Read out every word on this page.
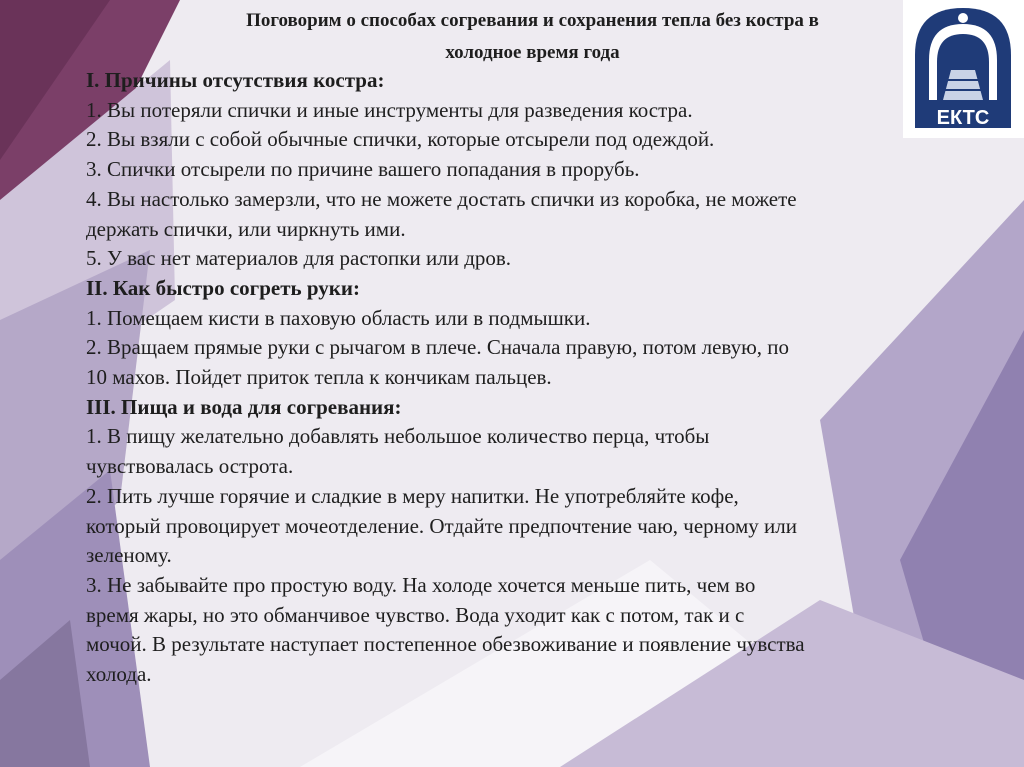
ЕКТС
Поговорим о способах согревания и сохранения тепла без костра в
холодное время года
I. Причины отсутствия костра:
1. Вы потеряли спички и иные инструменты для разведения костра.
2. Вы взяли с собой обычные спички, которые отсырели под одеждой.
3. Спички отсырели по причине вашего попадания в прорубь.
4. Вы настолько замерзли, что не можете достать спички из коробка, не можете
держать спички, или чиркнуть ими.
5. У вас нет материалов для растопки или дров.
II. Как быстро согреть руки:
1. Помещаем кисти в паховую область или в подмышки.
2. Вращаем прямые руки с рычагом в плече. Сначала правую, потом левую, по
10 махов. Пойдет приток тепла к кончикам пальцев.
III. Пища и вода для согревания:
1. В пищу желательно добавлять небольшое количество перца, чтобы
чувствовалась острота.
2. Пить лучше горячие и сладкие в меру напитки. Не употребляйте кофе,
который провоцирует мочеотделение. Отдайте предпочтение чаю, черному или
зеленому.
3. Не забывайте про простую воду. На холоде хочется меньше пить, чем во
время жары, но это обманчивое чувство. Вода уходит как с потом, так и с
мочой. В результате наступает постепенное обезвоживание и появление чувства
холода.
